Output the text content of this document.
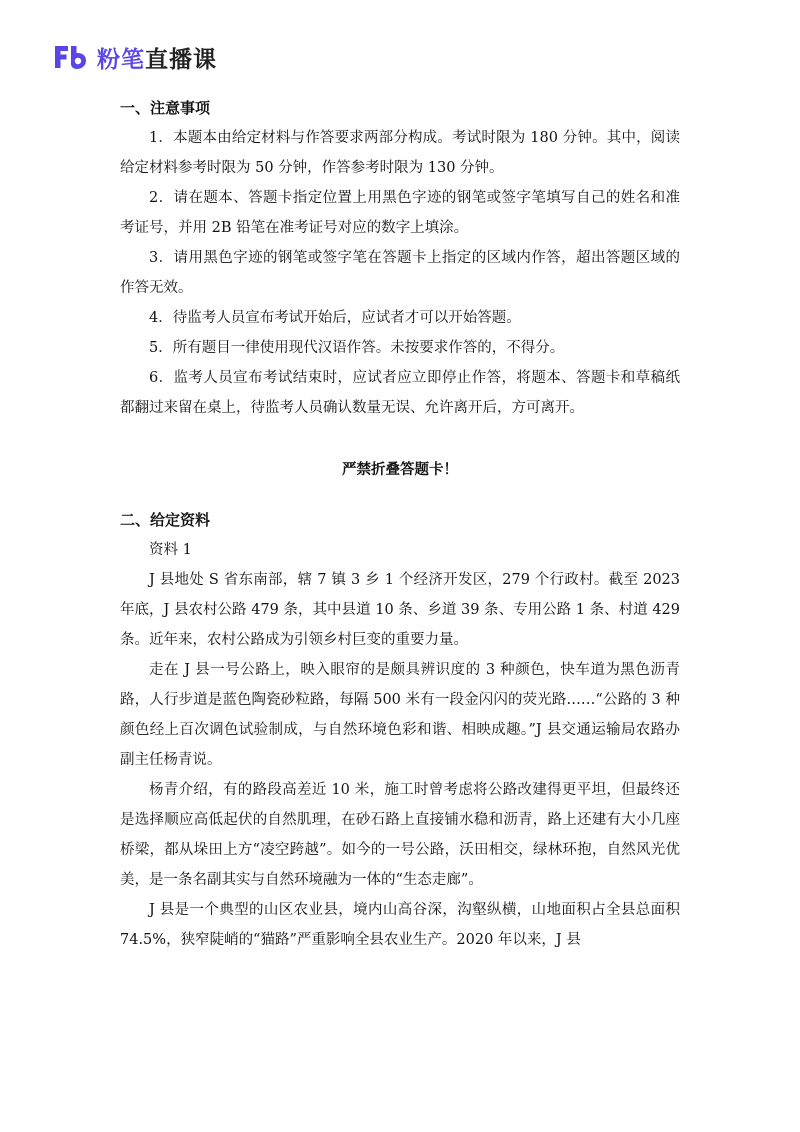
粉笔 直播课

一、注意事项

1．本题本由给定材料与作答要求两部分构成。考试时限为 180 分钟。其中，阅读给定材料参考时限为 50 分钟，作答参考时限为 130 分钟。

2．请在题本、答题卡指定位置上用黑色字迹的钢笔或签字笔填写自己的姓名和准考证号，并用 2B 铅笔在准考证号对应的数字上填涂。

3．请用黑色字迹的钢笔或签字笔在答题卡上指定的区域内作答，超出答题区域的作答无效。

4．待监考人员宣布考试开始后，应试者才可以开始答题。

5．所有题目一律使用现代汉语作答。未按要求作答的，不得分。

6．监考人员宣布考试结束时，应试者应立即停止作答，将题本、答题卡和草稿纸都翻过来留在桌上，待监考人员确认数量无误、允许离开后，方可离开。

严禁折叠答题卡！

二、给定资料

资料 1

J 县地处 S 省东南部，辖 7 镇 3 乡 1 个经济开发区，279 个行政村。截至 2023 年底，J 县农村公路 479 条，其中县道 10 条、乡道 39 条、专用公路 1 条、村道 429 条。近年来，农村公路成为引领乡村巨变的重要力量。

走在 J 县一号公路上，映入眼帘的是颇具辨识度的 3 种颜色，快车道为黑色沥青路，人行步道是蓝色陶瓷砂粒路，每隔 500 米有一段金闪闪的荧光路……“公路的 3 种颜色经上百次调色试验制成，与自然环境色彩和谐、相映成趣。”J 县交通运输局农路办副主任杨青说。

杨青介绍，有的路段高差近 10 米，施工时曾考虑将公路改建得更平坦，但最终还是选择顺应高低起伏的自然肌理，在砂石路上直接铺水稳和沥青，路上还建有大小几座桥梁，都从垛田上方“凌空跨越”。如今的一号公路，沃田相交，绿林环抱，自然风光优美，是一条名副其实与自然环境融为一体的“生态走廊”。

J 县是一个典型的山区农业县，境内山高谷深，沟壑纵横，山地面积占全县总面积 74.5%，狭窄陡峭的“猫路”严重影响全县农业生产。2020 年以来，J 县
